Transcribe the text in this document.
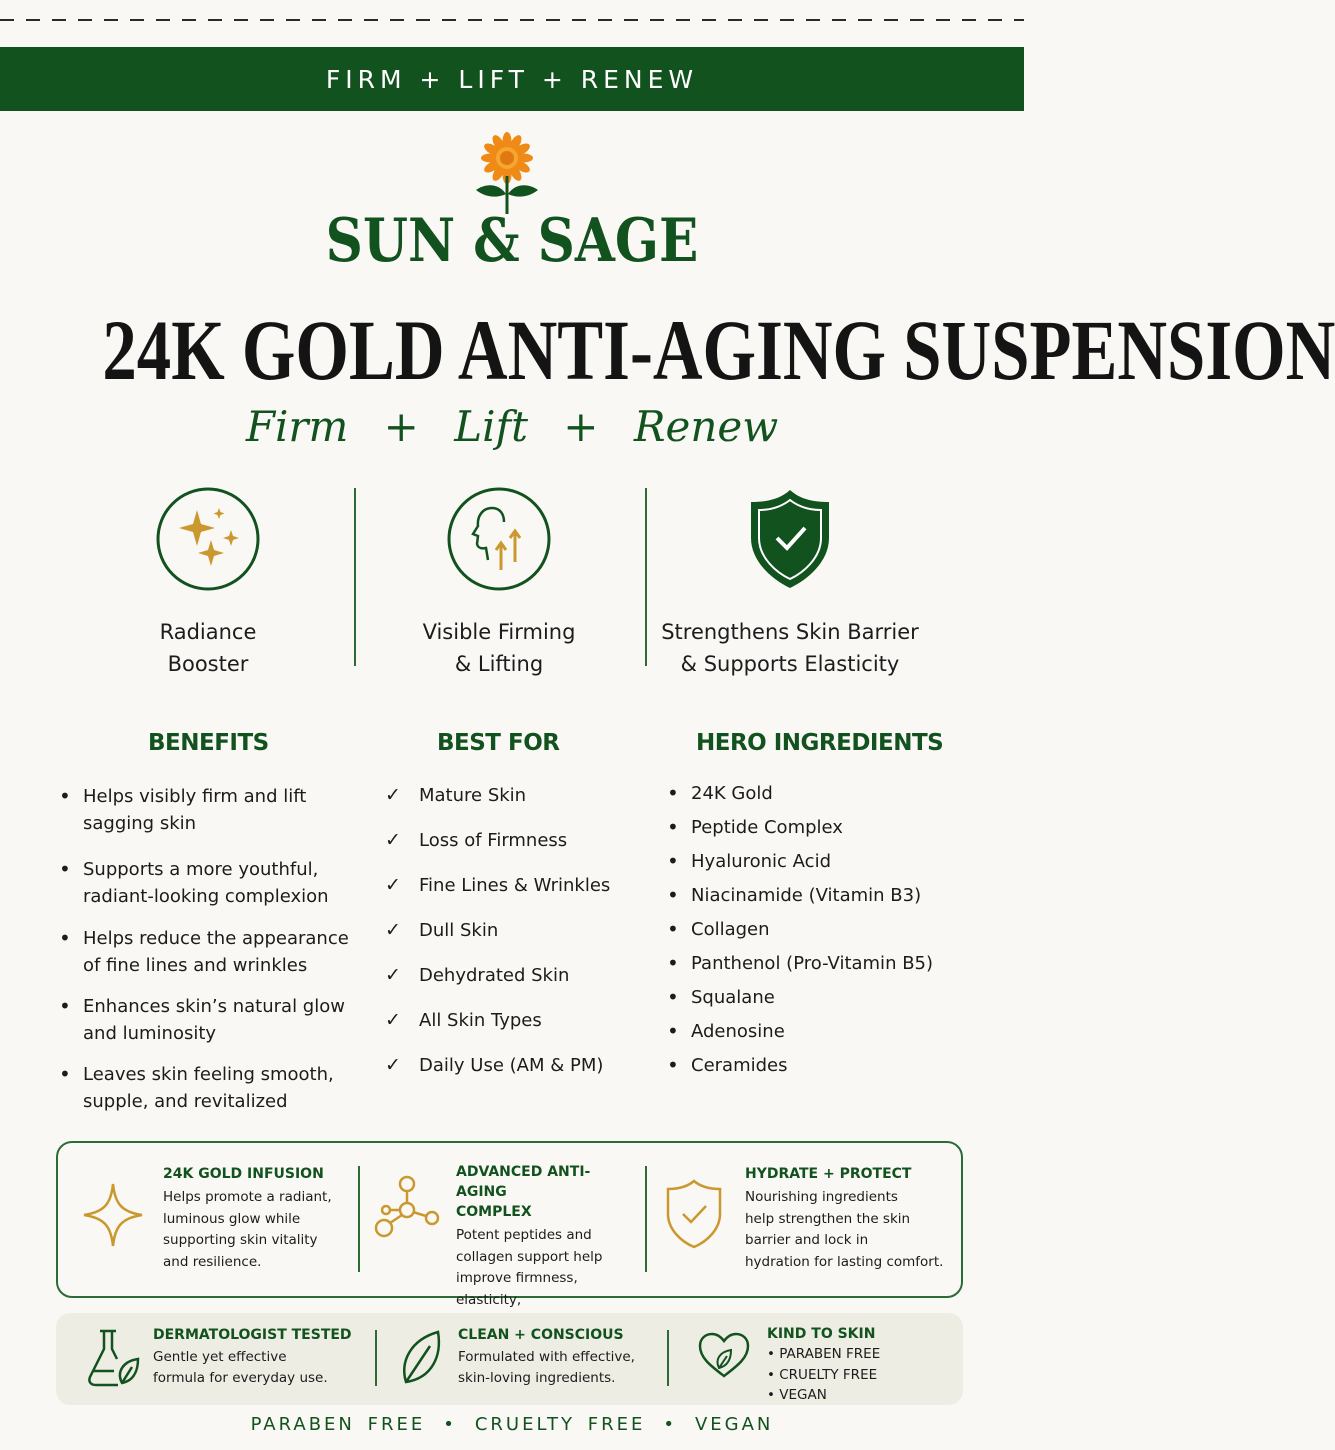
FIRM + LIFT + RENEW
SUN & SAGE
24K GOLD ANTI-AGING SUSPENSION
Firm + Lift + Renew
Radiance
Booster
Visible Firming
& Lifting
Strengthens Skin Barrier
& Supports Elasticity
BENEFITS
• Helps visibly firm and lift
sagging skin
• Supports a more youthful,
radiant-looking complexion
• Helps reduce the appearance
of fine lines and wrinkles
• Enhances skin’s natural glow
and luminosity
• Leaves skin feeling smooth,
supple, and revitalized
BEST FOR
✓ Mature Skin
✓ Loss of Firmness
✓ Fine Lines & Wrinkles
✓ Dull Skin
✓ Dehydrated Skin
✓ All Skin Types
✓ Daily Use (AM & PM)
HERO INGREDIENTS
• 24K Gold
• Peptide Complex
• Hyaluronic Acid
• Niacinamide (Vitamin B3)
• Collagen
• Panthenol (Pro-Vitamin B5)
• Squalane
• Adenosine
• Ceramides
24K GOLD INFUSION
Helps promote a radiant,
luminous glow while
supporting skin vitality
and resilience.
ADVANCED ANTI-AGING
COMPLEX
Potent peptides and
collagen support help
improve firmness, elasticity,

HYDRATE + PROTECT
Nourishing ingredients
help strengthen the skin
barrier and lock in
hydration for lasting comfort.
DERMATOLOGIST TESTED
Gentle yet effective
formula for everyday use.
CLEAN + CONSCIOUS
Formulated with effective,
skin-loving ingredients.
KIND TO SKIN
• PARABEN FREE
• CRUELTY FREE
• VEGAN
PARABEN FREE • CRUELTY FREE • VEGAN
